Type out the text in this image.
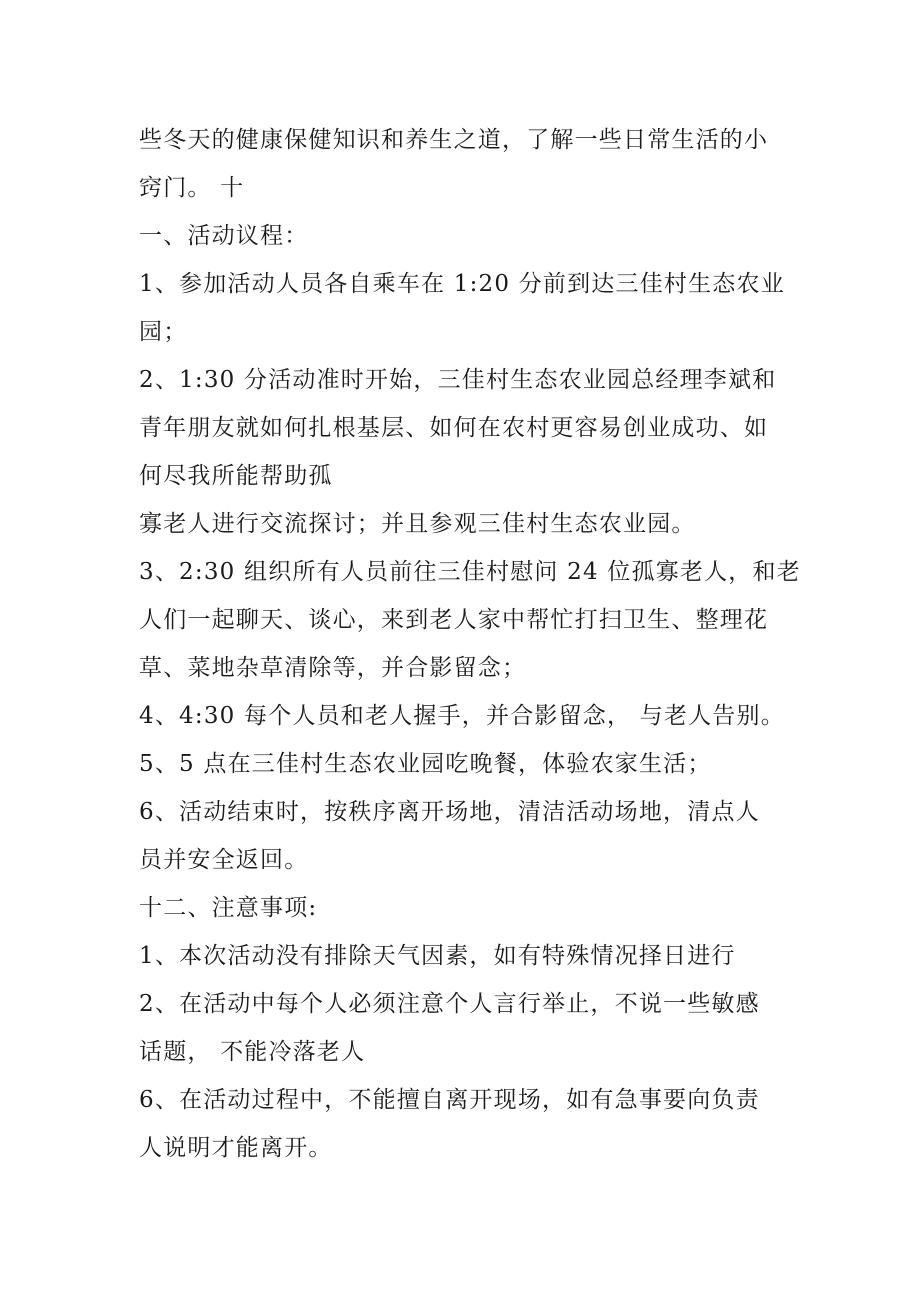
些冬天的健康保健知识和养生之道，了解一些日常生活的小
窍门。 十
一、活动议程：
1、参加活动人员各自乘车在 1:20 分前到达三佳村生态农业
园；
2、1:30 分活动准时开始，三佳村生态农业园总经理李斌和
青年朋友就如何扎根基层、如何在农村更容易创业成功、如
何尽我所能帮助孤
寡老人进行交流探讨；并且参观三佳村生态农业园。
3、2:30 组织所有人员前往三佳村慰问 24 位孤寡老人，和老
人们一起聊天、谈心，来到老人家中帮忙打扫卫生、整理花
草、菜地杂草清除等，并合影留念；
4、4:30 每个人员和老人握手，并合影留念， 与老人告别。
5、5 点在三佳村生态农业园吃晚餐，体验农家生活；
6、活动结束时，按秩序离开场地，清洁活动场地，清点人
员并安全返回。
十二、注意事项:
1、本次活动没有排除天气因素，如有特殊情况择日进行
2、在活动中每个人必须注意个人言行举止，不说一些敏感
话题， 不能冷落老人
6、在活动过程中，不能擅自离开现场，如有急事要向负责
人说明才能离开。
